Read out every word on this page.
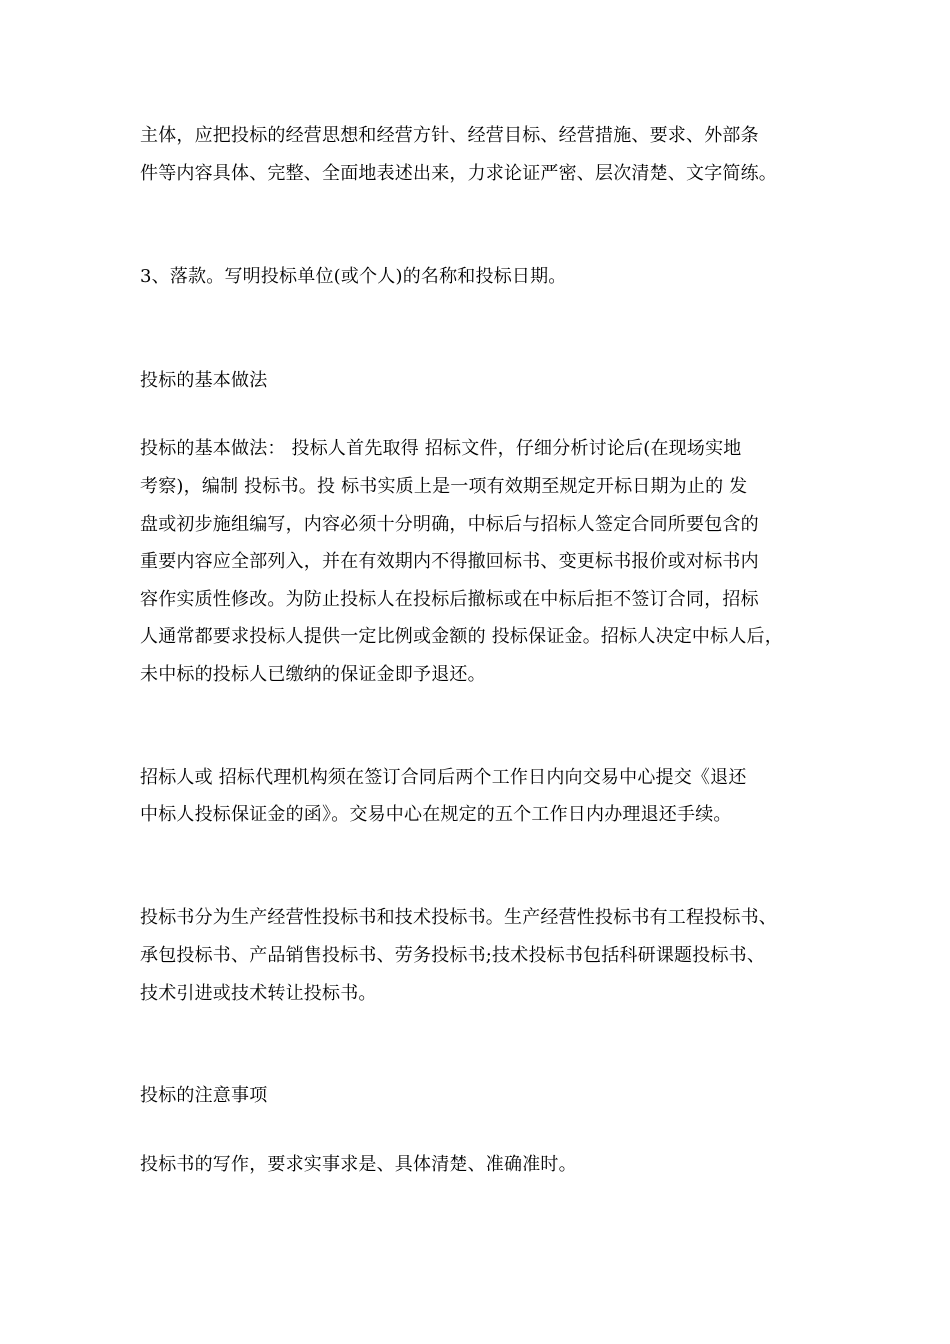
主体，应把投标的经营思想和经营方针、经营目标、经营措施、要求、外部条
件等内容具体、完整、全面地表述出来，力求论证严密、层次清楚、文字简练。
3、落款。写明投标单位(或个人)的名称和投标日期。
投标的基本做法
投标的基本做法： 投标人首先取得 招标文件，仔细分析讨论后(在现场实地
考察)，编制 投标书。投 标书实质上是一项有效期至规定开标日期为止的 发
盘或初步施组编写，内容必须十分明确，中标后与招标人签定合同所要包含的
重要内容应全部列入，并在有效期内不得撤回标书、变更标书报价或对标书内
容作实质性修改。为防止投标人在投标后撤标或在中标后拒不签订合同，招标
人通常都要求投标人提供一定比例或金额的 投标保证金。招标人决定中标人后，
未中标的投标人已缴纳的保证金即予退还。
招标人或 招标代理机构须在签订合同后两个工作日内向交易中心提交《退还
中标人投标保证金的函》。交易中心在规定的五个工作日内办理退还手续。
投标书分为生产经营性投标书和技术投标书。生产经营性投标书有工程投标书、
承包投标书、产品销售投标书、劳务投标书;技术投标书包括科研课题投标书、
技术引进或技术转让投标书。
投标的注意事项
投标书的写作，要求实事求是、具体清楚、准确准时。
